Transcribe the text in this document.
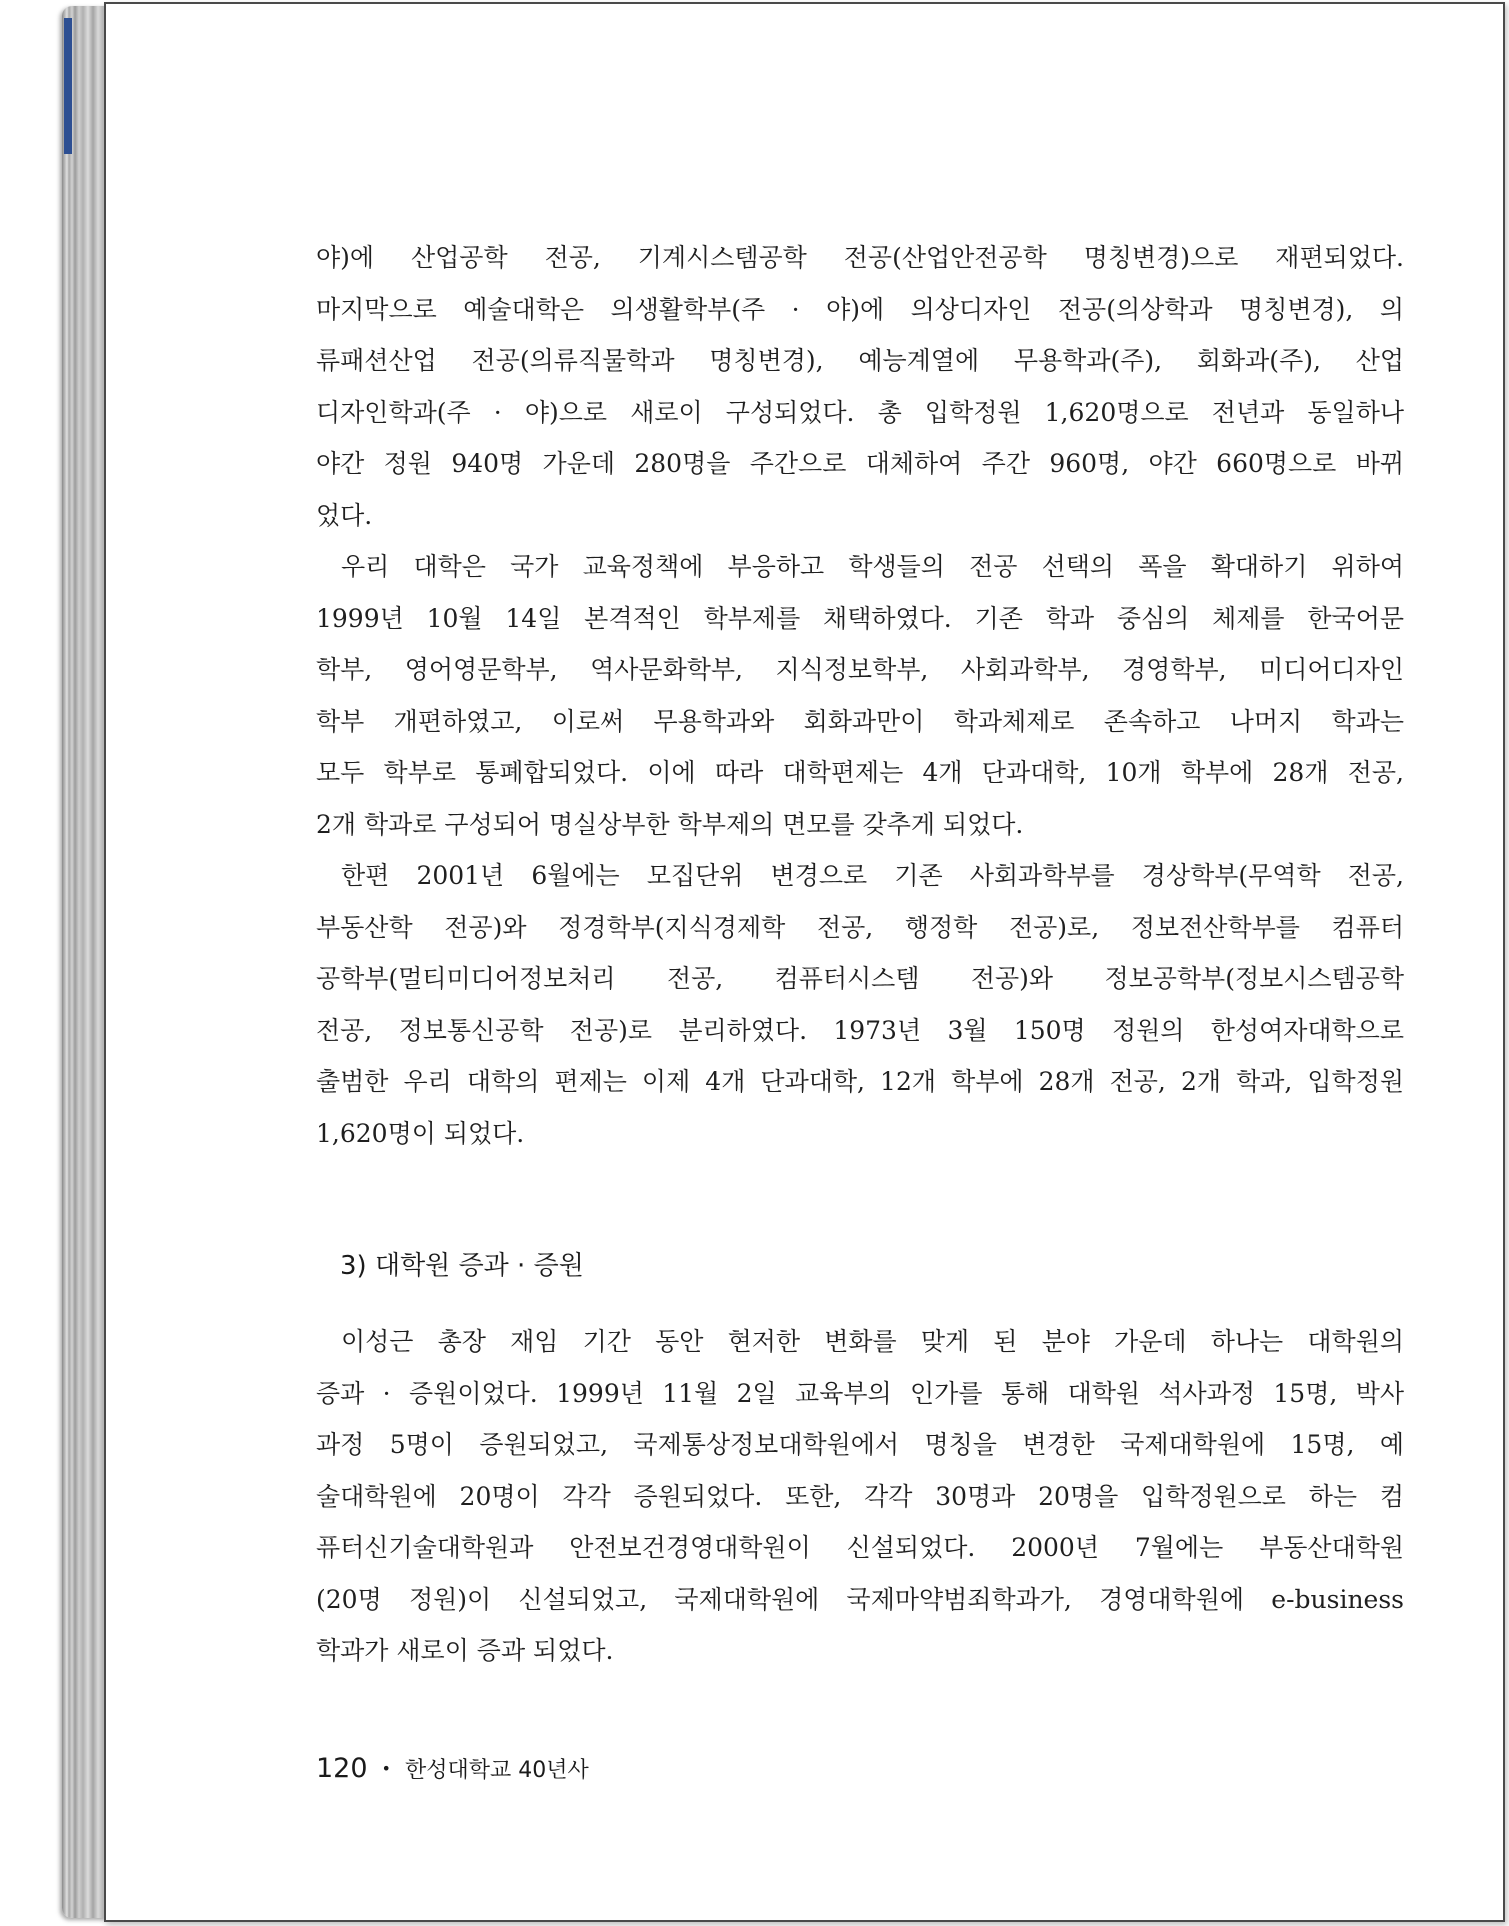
야)에 산업공학 전공, 기계시스템공학 전공(산업안전공학 명칭변경)으로 재편되었다.
마지막으로 예술대학은 의생활학부(주 · 야)에 의상디자인 전공(의상학과 명칭변경), 의
류패션산업 전공(의류직물학과 명칭변경), 예능계열에 무용학과(주), 회화과(주), 산업
디자인학과(주 · 야)으로 새로이 구성되었다. 총 입학정원 1,620명으로 전년과 동일하나
야간 정원 940명 가운데 280명을 주간으로 대체하여 주간 960명, 야간 660명으로 바뀌
었다.
우리 대학은 국가 교육정책에 부응하고 학생들의 전공 선택의 폭을 확대하기 위하여
1999년 10월 14일 본격적인 학부제를 채택하였다. 기존 학과 중심의 체제를 한국어문
학부, 영어영문학부, 역사문화학부, 지식정보학부, 사회과학부, 경영학부, 미디어디자인
학부 개편하였고, 이로써 무용학과와 회화과만이 학과체제로 존속하고 나머지 학과는
모두 학부로 통폐합되었다. 이에 따라 대학편제는 4개 단과대학, 10개 학부에 28개 전공,
2개 학과로 구성되어 명실상부한 학부제의 면모를 갖추게 되었다.
한편 2001년 6월에는 모집단위 변경으로 기존 사회과학부를 경상학부(무역학 전공,
부동산학 전공)와 정경학부(지식경제학 전공, 행정학 전공)로, 정보전산학부를 컴퓨터
공학부(멀티미디어정보처리 전공, 컴퓨터시스템 전공)와 정보공학부(정보시스템공학
전공, 정보통신공학 전공)로 분리하였다. 1973년 3월 150명 정원의 한성여자대학으로
출범한 우리 대학의 편제는 이제 4개 단과대학, 12개 학부에 28개 전공, 2개 학과, 입학정원
1,620명이 되었다.
3) 대학원 증과 · 증원
이성근 총장 재임 기간 동안 현저한 변화를 맞게 된 분야 가운데 하나는 대학원의
증과 · 증원이었다. 1999년 11월 2일 교육부의 인가를 통해 대학원 석사과정 15명, 박사
과정 5명이 증원되었고, 국제통상정보대학원에서 명칭을 변경한 국제대학원에 15명, 예
술대학원에 20명이 각각 증원되었다. 또한, 각각 30명과 20명을 입학정원으로 하는 컴
퓨터신기술대학원과 안전보건경영대학원이 신설되었다. 2000년 7월에는 부동산대학원
(20명 정원)이 신설되었고, 국제대학원에 국제마약범죄학과가, 경영대학원에 e-business
학과가 새로이 증과 되었다.
120 • 한성대학교 40년사
